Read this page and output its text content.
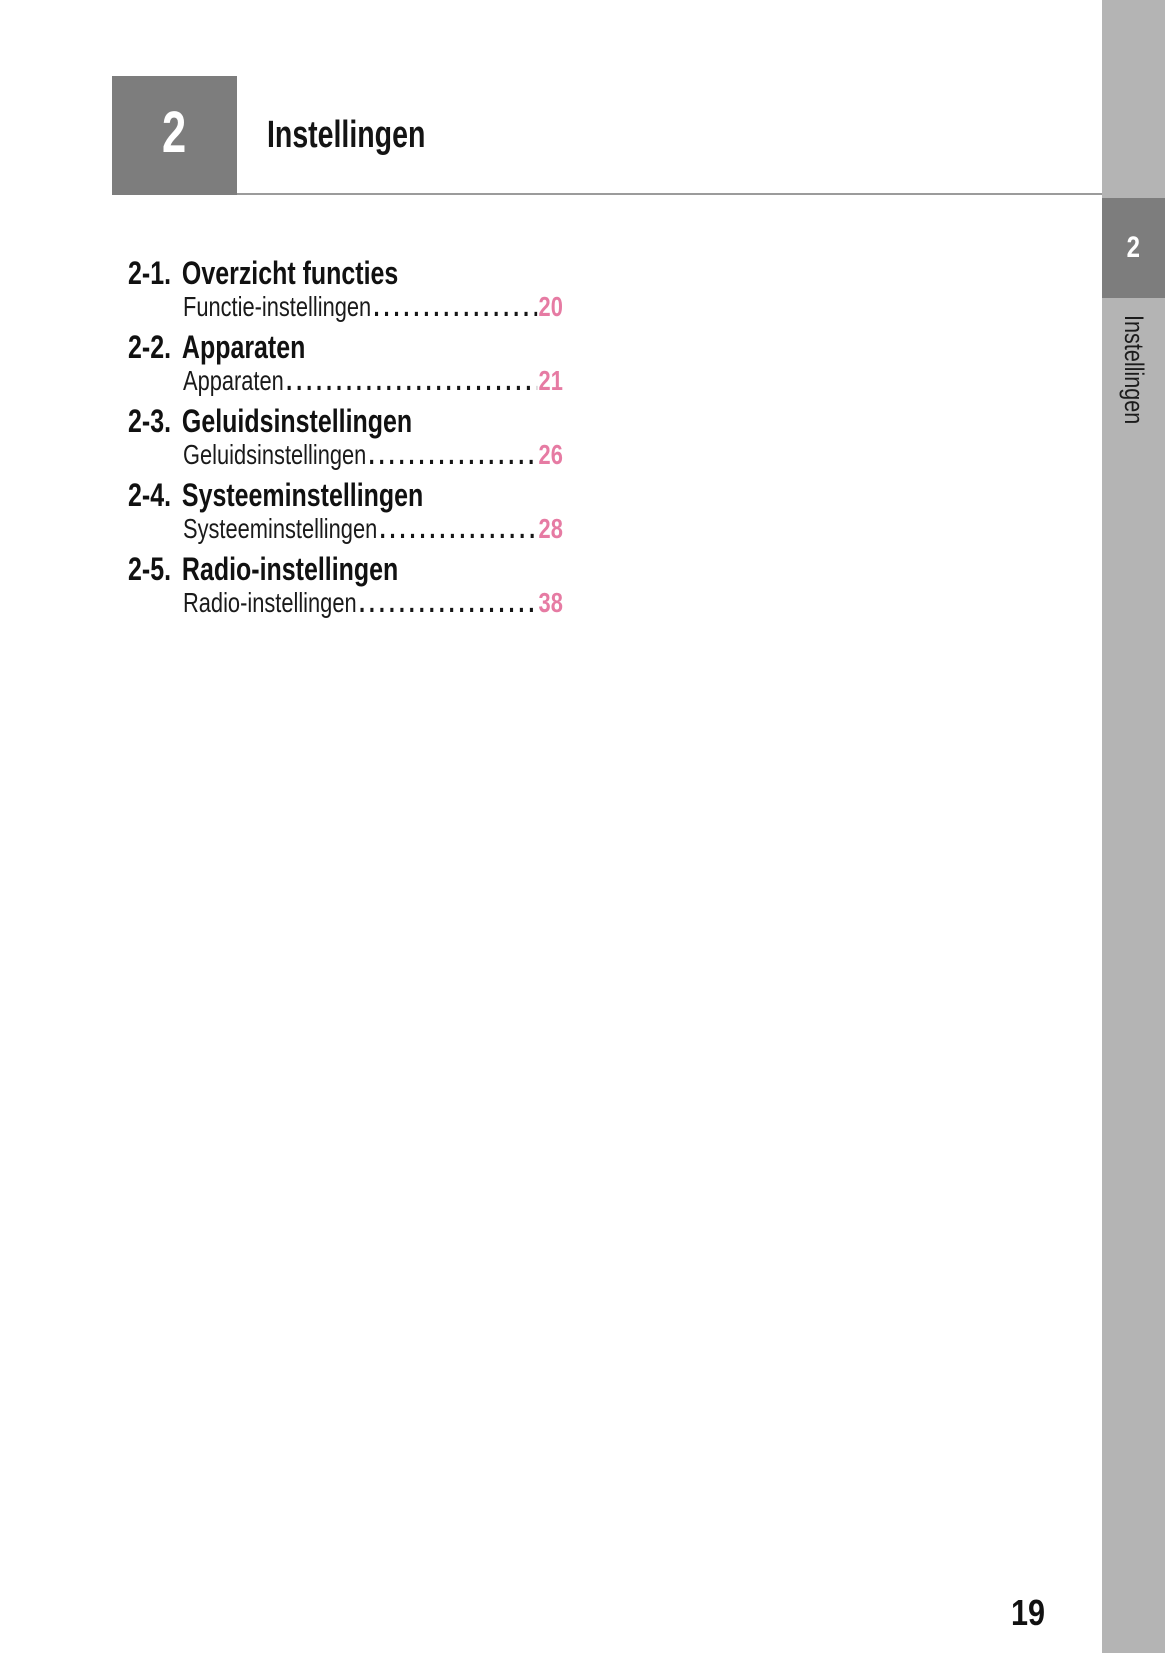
2
Instellingen
2 Instellingen
2-1. Overzicht functies
Functie-instellingen .....	20
2-2. Apparaten
Apparaten .....	21
2-3. Geluidsinstellingen
Geluidsinstellingen .....	26
2-4. Systeeminstellingen
Systeeminstellingen .....	28
2-5. Radio-instellingen
Radio-instellingen .....	38
19
